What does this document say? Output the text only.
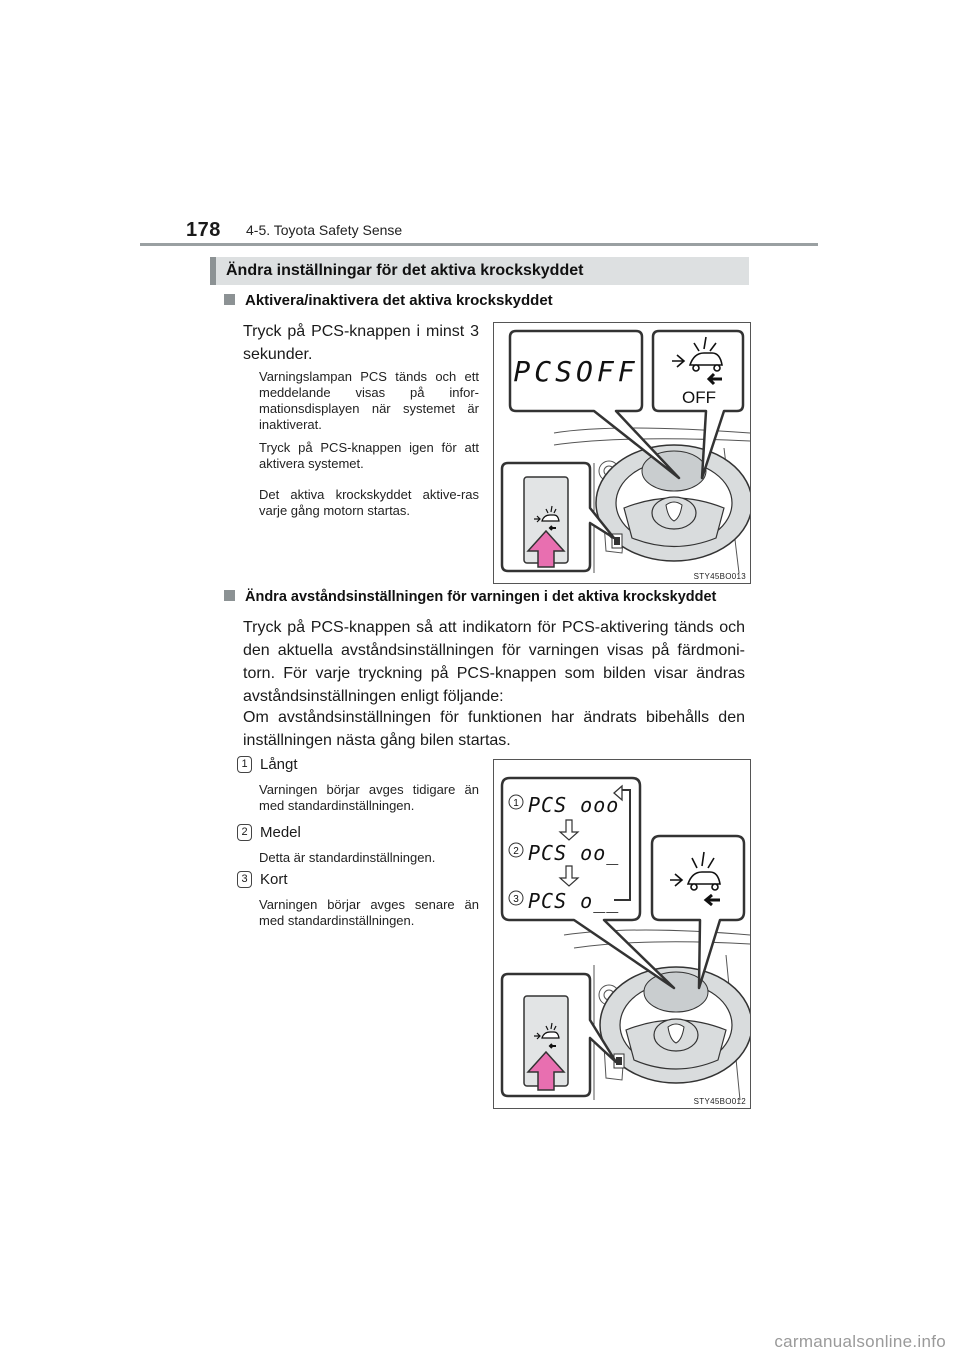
178 4-5. Toyota Safety Sense
Ändra inställningar för det aktiva krockskyddet
Aktivera/inaktivera det aktiva krockskyddet
Tryck på PCS-knappen i minst 3 sekunder.
Varningslampan PCS tänds och ett meddelande visas på infor-mationsdisplayen när systemet är inaktiverat.
Tryck på PCS-knappen igen för att aktivera systemet.
Det aktiva krockskyddet aktive-ras varje gång motorn startas.
PCSOFF
OFF
STY45BO013
Ändra avståndsinställningen för varningen i det aktiva krockskyddet
Tryck på PCS-knappen så att indikatorn för PCS-aktivering tänds och den aktuella avståndsinställningen för varningen visas på färdmoni-torn. För varje tryckning på PCS-knappen som bilden visar ändras avståndsinställningen enligt följande:
Om avståndsinställningen för funktionen har ändrats bibehålls den inställningen nästa gång bilen startas.
1 Långt
Varningen börjar avges tidigare än med standardinställningen.
2 Medel
Detta är standardinställningen.
3 Kort
Varningen börjar avges senare än med standardinställningen.
1 PCS ooo
2 PCS oo_
3 PCS o__
STY45BO012
carmanualsonline.info
